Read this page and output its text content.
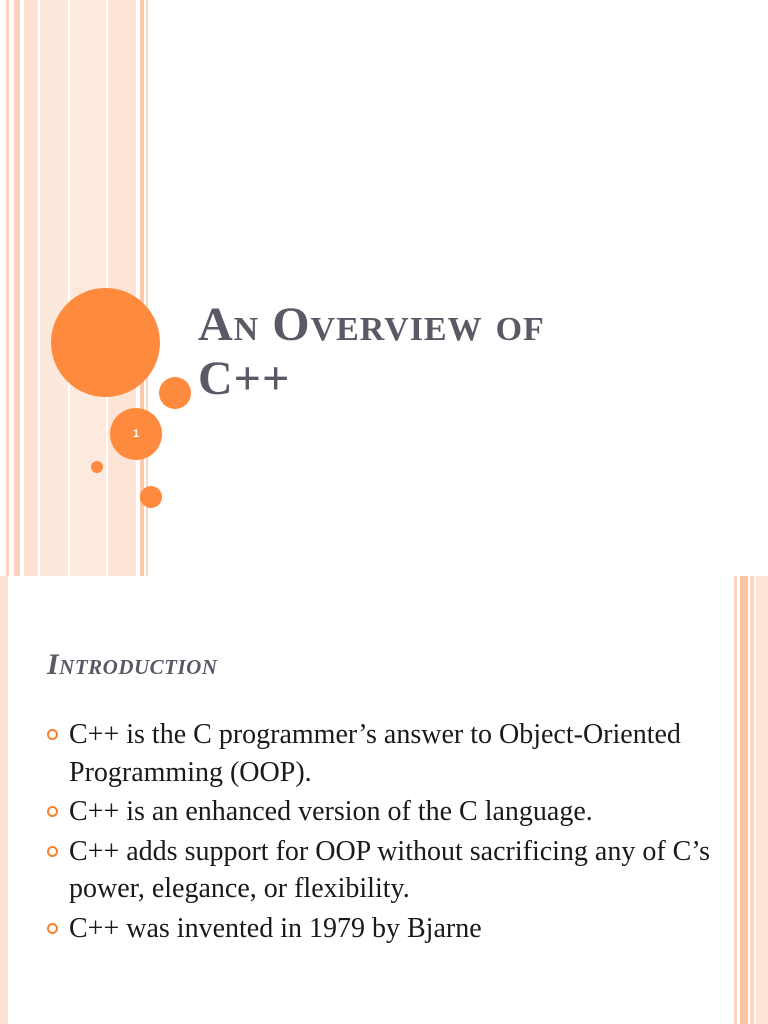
1
An Overview of
C++
Introduction
C++ is the C programmer’s answer to Object-Oriented Programming (OOP).
C++ is an enhanced version of the C language.
C++ adds support for OOP without sacrificing any of C’s power, elegance, or flexibility.
C++ was invented in 1979 by Bjarne
